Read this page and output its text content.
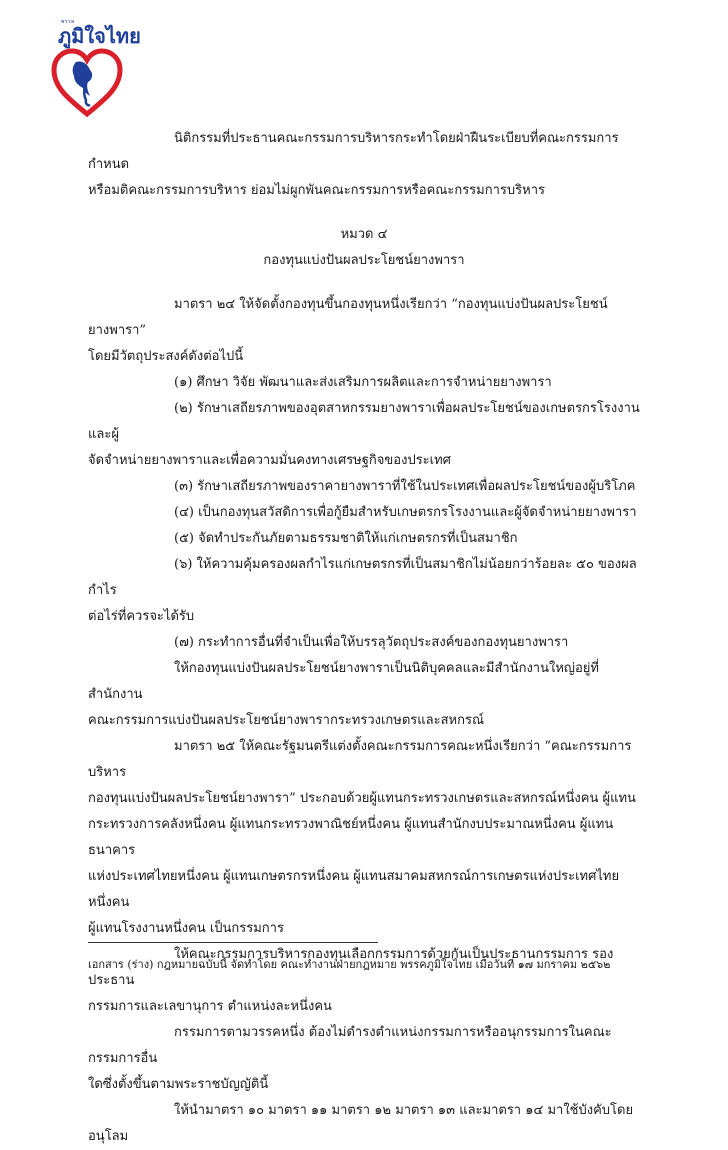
พรรค
ภูมิใจไทย

นิติกรรมที่ประธานคณะกรรมการบริหารกระทำโดยฝ่าฝืนระเบียบที่คณะกรรมการกำหนด

หรือมติคณะกรรมการบริหาร ย่อมไม่ผูกพันคณะกรรมการหรือคณะกรรมการบริหาร

หมวด ๔

กองทุนแบ่งปันผลประโยชน์ยางพารา

มาตรา ๒๔ ให้จัดตั้งกองทุนขึ้นกองทุนหนึ่งเรียกว่า “กองทุนแบ่งปันผลประโยชน์ยางพารา”

โดยมีวัตถุประสงค์ดังต่อไปนี้

(๑) ศึกษา วิจัย พัฒนาและส่งเสริมการผลิตและการจำหน่ายยางพารา

(๒) รักษาเสถียรภาพของอุตสาหกรรมยางพาราเพื่อผลประโยชน์ของเกษตรกรโรงงานและผู้

จัดจำหน่ายยางพาราและเพื่อความมั่นคงทางเศรษฐกิจของประเทศ

(๓) รักษาเสถียรภาพของราคายางพาราที่ใช้ในประเทศเพื่อผลประโยชน์ของผู้บริโภค

(๔) เป็นกองทุนสวัสดิการเพื่อกู้ยืมสำหรับเกษตรกรโรงงานและผู้จัดจำหน่ายยางพารา

(๕) จัดทำประกันภัยตามธรรมชาติให้แก่เกษตรกรที่เป็นสมาชิก

(๖) ให้ความคุ้มครองผลกำไรแก่เกษตรกรที่เป็นสมาชิกไม่น้อยกว่าร้อยละ ๕๐ ของผลกำไร

ต่อไร่ที่ควรจะได้รับ

(๗) กระทำการอื่นที่จำเป็นเพื่อให้บรรลุวัตถุประสงค์ของกองทุนยางพารา

ให้กองทุนแบ่งปันผลประโยชน์ยางพาราเป็นนิติบุคคลและมีสำนักงานใหญ่อยู่ที่สำนักงาน

คณะกรรมการแบ่งปันผลประโยชน์ยางพารากระทรวงเกษตรและสหกรณ์

มาตรา ๒๕ ให้คณะรัฐมนตรีแต่งตั้งคณะกรรมการคณะหนึ่งเรียกว่า “คณะกรรมการบริหาร

กองทุนแบ่งปันผลประโยชน์ยางพารา” ประกอบด้วยผู้แทนกระทรวงเกษตรและสหกรณ์หนึ่งคน ผู้แทน

กระทรวงการคลังหนึ่งคน ผู้แทนกระทรวงพาณิชย์หนึ่งคน ผู้แทนสำนักงบประมาณหนึ่งคน ผู้แทนธนาคาร

แห่งประเทศไทยหนึ่งคน ผู้แทนเกษตรกรหนึ่งคน ผู้แทนสมาคมสหกรณ์การเกษตรแห่งประเทศไทยหนึ่งคน

ผู้แทนโรงงานหนึ่งคน เป็นกรรมการ

ให้คณะกรรมการบริหารกองทุนเลือกกรรมการด้วยกันเป็นประธานกรรมการ รองประธาน

กรรมการและเลขานุการ ตำแหน่งละหนึ่งคน

กรรมการตามวรรคหนึ่ง ต้องไม่ดำรงตำแหน่งกรรมการหรืออนุกรรมการในคณะกรรมการอื่น

ใดซึ่งตั้งขึ้นตามพระราชบัญญัตินี้

ให้นำมาตรา ๑๐ มาตรา ๑๑ มาตรา ๑๒ มาตรา ๑๓ และมาตรา ๑๔ มาใช้บังคับโดยอนุโลม

เอกสาร (ร่าง) กฎหมายฉบับนี้ จัดทำโดย คณะทำงานฝ่ายกฎหมาย พรรคภูมิใจไทย เมื่อวันที่ ๑๗ มกราคม ๒๕๖๒
